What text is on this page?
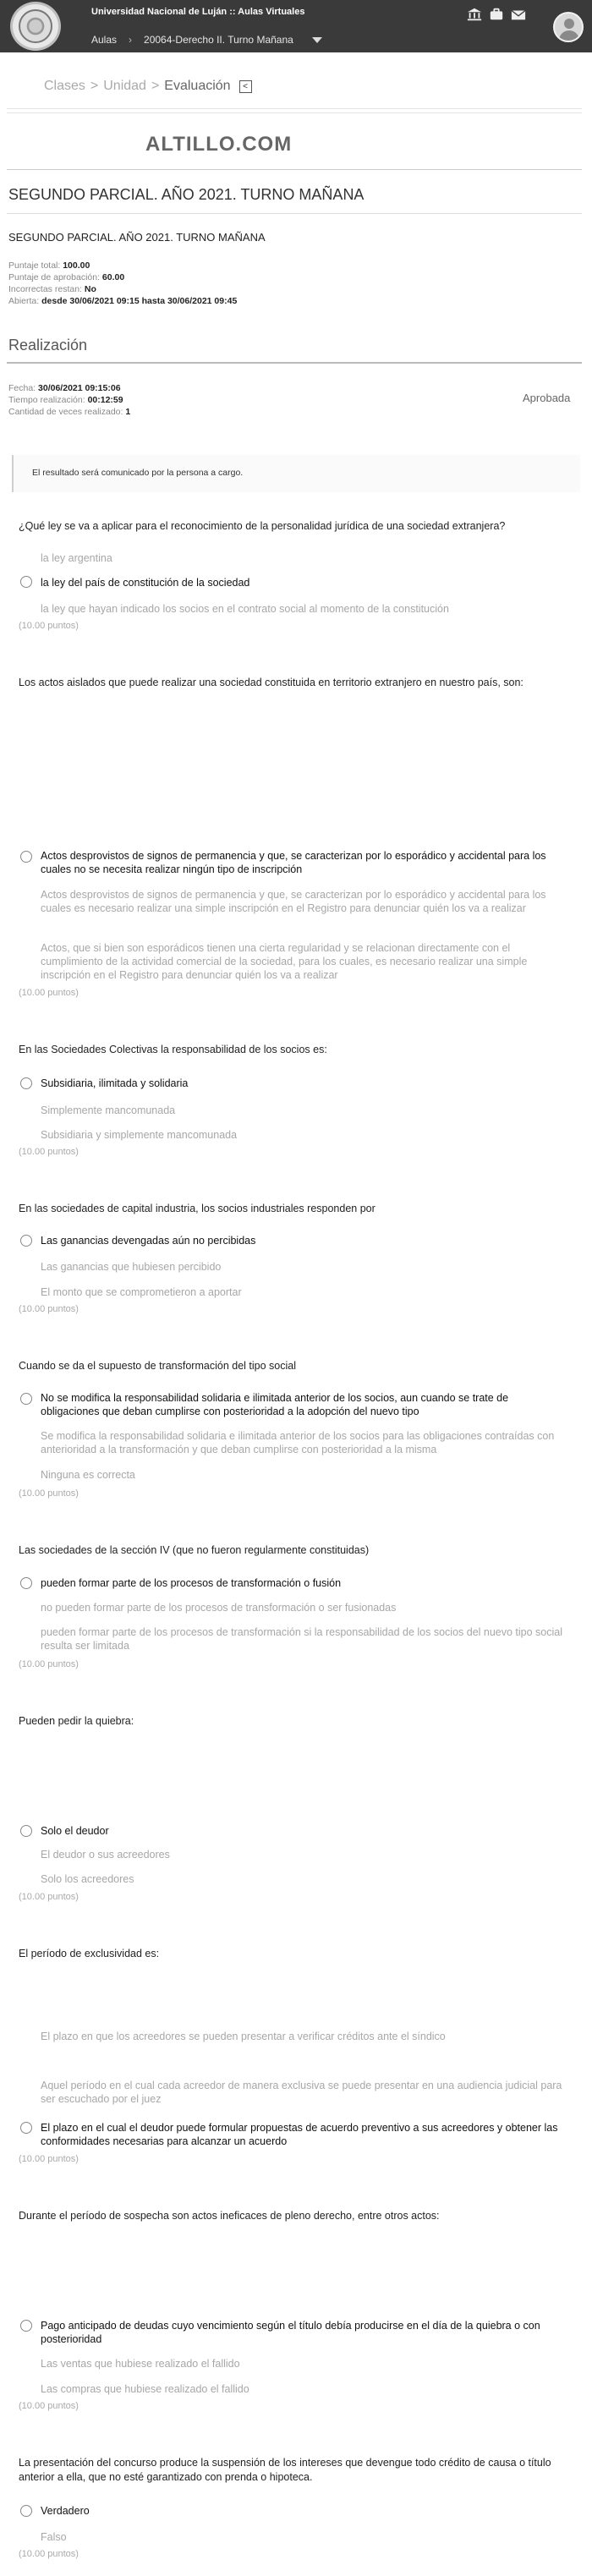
Universidad Nacional de Luján :: Aulas Virtuales
Aulas › 20064-Derecho II. Turno Mañana
Clases > Unidad > Evaluación	<
ALTILLO.COM
SEGUNDO PARCIAL. AÑO 2021. TURNO MAÑANA
SEGUNDO PARCIAL. AÑO 2021. TURNO MAÑANA
Puntaje total: 100.00
Puntaje de aprobación: 60.00
Incorrectas restan: No
Abierta: desde 30/06/2021 09:15 hasta 30/06/2021 09:45
Realización
Fecha: 30/06/2021 09:15:06
Tiempo realización: 00:12:59
Cantidad de veces realizado: 1
Aprobada
El resultado será comunicado por la persona a cargo.
¿Qué ley se va a aplicar para el reconocimiento de la personalidad jurídica de una sociedad extranjera?
la ley argentina
la ley del país de constitución de la sociedad
la ley que hayan indicado los socios en el contrato social al momento de la constitución
(10.00 puntos)
Los actos aislados que puede realizar una sociedad constituida en territorio extranjero en nuestro país, son:
Actos desprovistos de signos de permanencia y que, se caracterizan por lo esporádico y accidental para los cuales no se necesita realizar ningún tipo de inscripción
Actos desprovistos de signos de permanencia y que, se caracterizan por lo esporádico y accidental para los cuales es necesario realizar una simple inscripción en el Registro para denunciar quién los va a realizar
Actos, que si bien son esporádicos tienen una cierta regularidad y se relacionan directamente con el cumplimiento de la actividad comercial de la sociedad, para los cuales, es necesario realizar una simple inscripción en el Registro para denunciar quién los va a realizar
(10.00 puntos)
En las Sociedades Colectivas la responsabilidad de los socios es:
Subsidiaria, ilimitada y solidaria
Simplemente mancomunada
Subsidiaria y simplemente mancomunada
(10.00 puntos)
En las sociedades de capital industria, los socios industriales responden por
Las ganancias devengadas aún no percibidas
Las ganancias que hubiesen percibido
El monto que se comprometieron a aportar
(10.00 puntos)
Cuando se da el supuesto de transformación del tipo social
No se modifica la responsabilidad solidaria e ilimitada anterior de los socios, aun cuando se trate de obligaciones que deban cumplirse con posterioridad a la adopción del nuevo tipo
Se modifica la responsabilidad solidaria e ilimitada anterior de los socios para las obligaciones contraídas con anterioridad a la transformación y que deban cumplirse con posterioridad a la misma
Ninguna es correcta
(10.00 puntos)
Las sociedades de la sección IV (que no fueron regularmente constituidas)
pueden formar parte de los procesos de transformación o fusión
no pueden formar parte de los procesos de transformación o ser fusionadas
pueden formar parte de los procesos de transformación si la responsabilidad de los socios del nuevo tipo social resulta ser limitada
(10.00 puntos)
Pueden pedir la quiebra:
Solo el deudor
El deudor o sus acreedores
Solo los acreedores
(10.00 puntos)
El período de exclusividad es:
El plazo en que los acreedores se pueden presentar a verificar créditos ante el síndico
Aquel período en el cual cada acreedor de manera exclusiva se puede presentar en una audiencia judicial para ser escuchado por el juez
El plazo en el cual el deudor puede formular propuestas de acuerdo preventivo a sus acreedores y obtener las conformidades necesarias para alcanzar un acuerdo
(10.00 puntos)
Durante el período de sospecha son actos ineficaces de pleno derecho, entre otros actos:
Pago anticipado de deudas cuyo vencimiento según el título debía producirse en el día de la quiebra o con posterioridad
Las ventas que hubiese realizado el fallido
Las compras que hubiese realizado el fallido
(10.00 puntos)
La presentación del concurso produce la suspensión de los intereses que devengue todo crédito de causa o título anterior a ella, que no esté garantizado con prenda o hipoteca.
Verdadero
Falso
(10.00 puntos)
